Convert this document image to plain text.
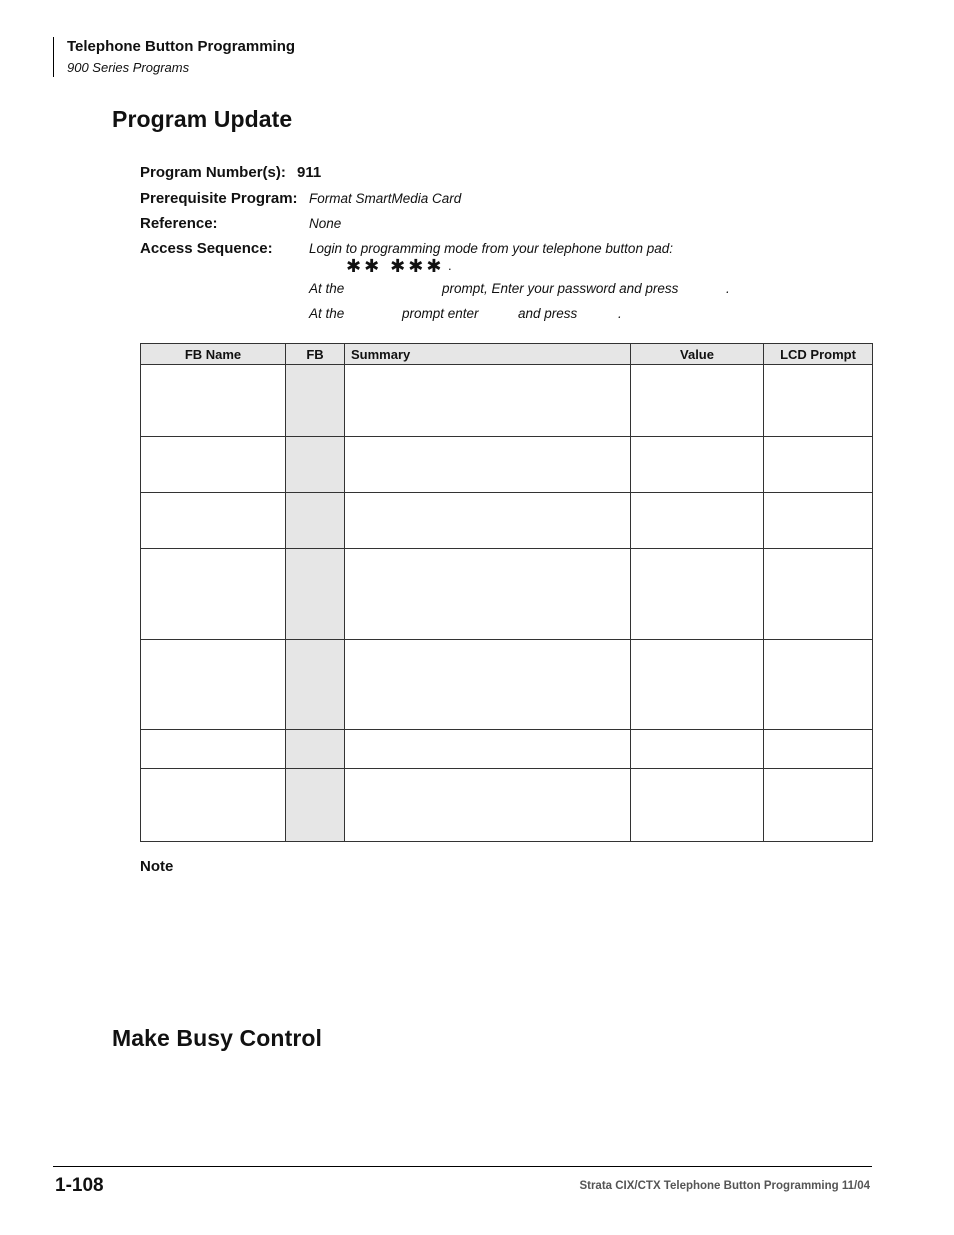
Telephone Button Programming
900 Series Programs
Program Update
Program Number(s): 911
Prerequisite Program: Format SmartMedia Card
Reference:	None
Access Sequence:	Login to programming mode from your telephone button pad:
✱✱ ✱✱✱ .
At the	prompt, Enter your password and press	.
At the	prompt enter	and press	.
FB Name	FB	Summary	Value	LCD Prompt

Note
Make Busy Control
1-108	Strata CIX/CTX Telephone Button Programming 11/04
